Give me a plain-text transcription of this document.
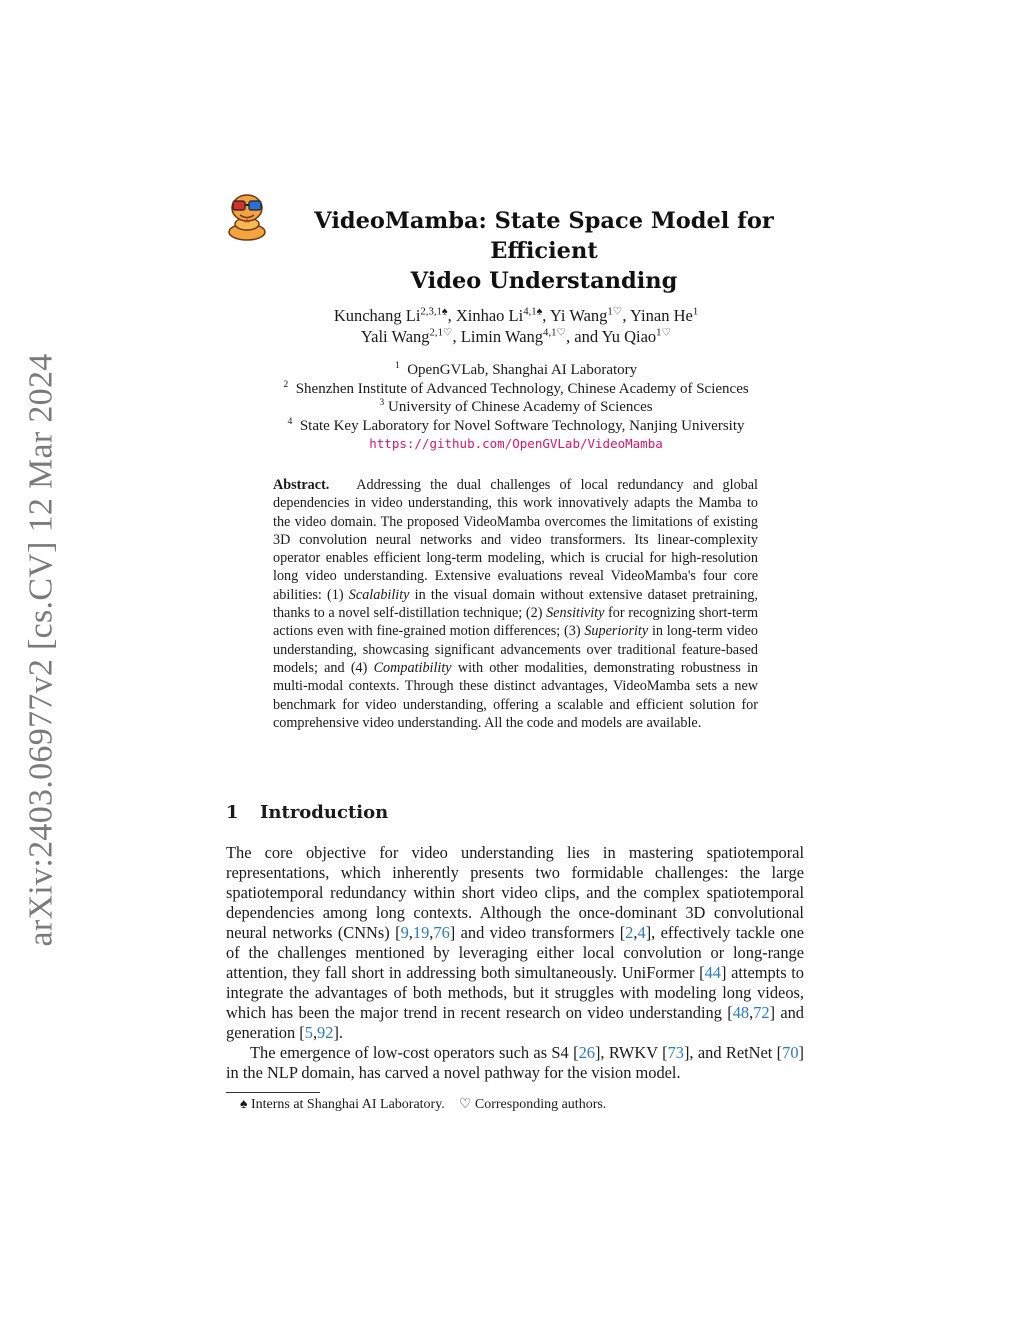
arXiv:2403.06977v2 [cs.CV] 12 Mar 2024
VideoMamba: State Space Model for Efficient
Video Understanding
Kunchang $Li^{2,3,1♠}$, Xinhao $Li^{4,1♠}$, Yi Wang$^{1♡}$, Yinan He$^1$
Yali Wang$^{2,1♡}$, Limin Wang$^{4,1♡}$, and Yu Qiao$^{1♡}$
$^1$ OpenGVLab, Shanghai AI Laboratory
$^2$ Shenzhen Institute of Advanced Technology, Chinese Academy of Sciences
$^3$ University of Chinese Academy of Sciences
$^4$ State Key Laboratory for Novel Software Technology, Nanjing University
https://github.com/OpenGVLab/VideoMamba
Abstract. Addressing the dual challenges of local redundancy and global dependencies in video understanding, this work innovatively adapts the Mamba to the video domain. The proposed VideoMamba overcomes the limitations of existing 3D convolution neural networks and video transformers. Its linear-complexity operator enables efficient long-term modeling, which is crucial for high-resolution long video understanding. Extensive evaluations reveal VideoMamba's four core abilities: (1) Scalability in the visual domain without extensive dataset pretraining, thanks to a novel self-distillation technique; (2) Sensitivity for recognizing short-term actions even with fine-grained motion differences; (3) Superiority in long-term video understanding, showcasing significant advancements over traditional feature-based models; and (4) Compatibility with other modalities, demonstrating robustness in multi-modal contexts. Through these distinct advantages, VideoMamba sets a new benchmark for video understanding, offering a scalable and efficient solution for comprehensive video understanding. All the code and models are available.
1 Introduction

The core objective for video understanding lies in mastering spatiotemporal representations, which inherently presents two formidable challenges: the large spatiotemporal redundancy within short video clips, and the complex spatiotemporal dependencies among long contexts. Although the once-dominant 3D convolutional neural networks (CNNs) [9,19,76] and video transformers [2,4], effectively tackle one of the challenges mentioned by leveraging either local convolution or long-range attention, they fall short in addressing both simultaneously. UniFormer [44] attempts to integrate the advantages of both methods, but it struggles with modeling long videos, which has been the major trend in recent research on video understanding [48,72] and generation [5,92].

The emergence of low-cost operators such as S4 [26], RWKV [73], and RetNet [70] in the NLP domain, has carved a novel pathway for the vision model.

♠ Interns at Shanghai AI Laboratory. ♡ Corresponding authors.
